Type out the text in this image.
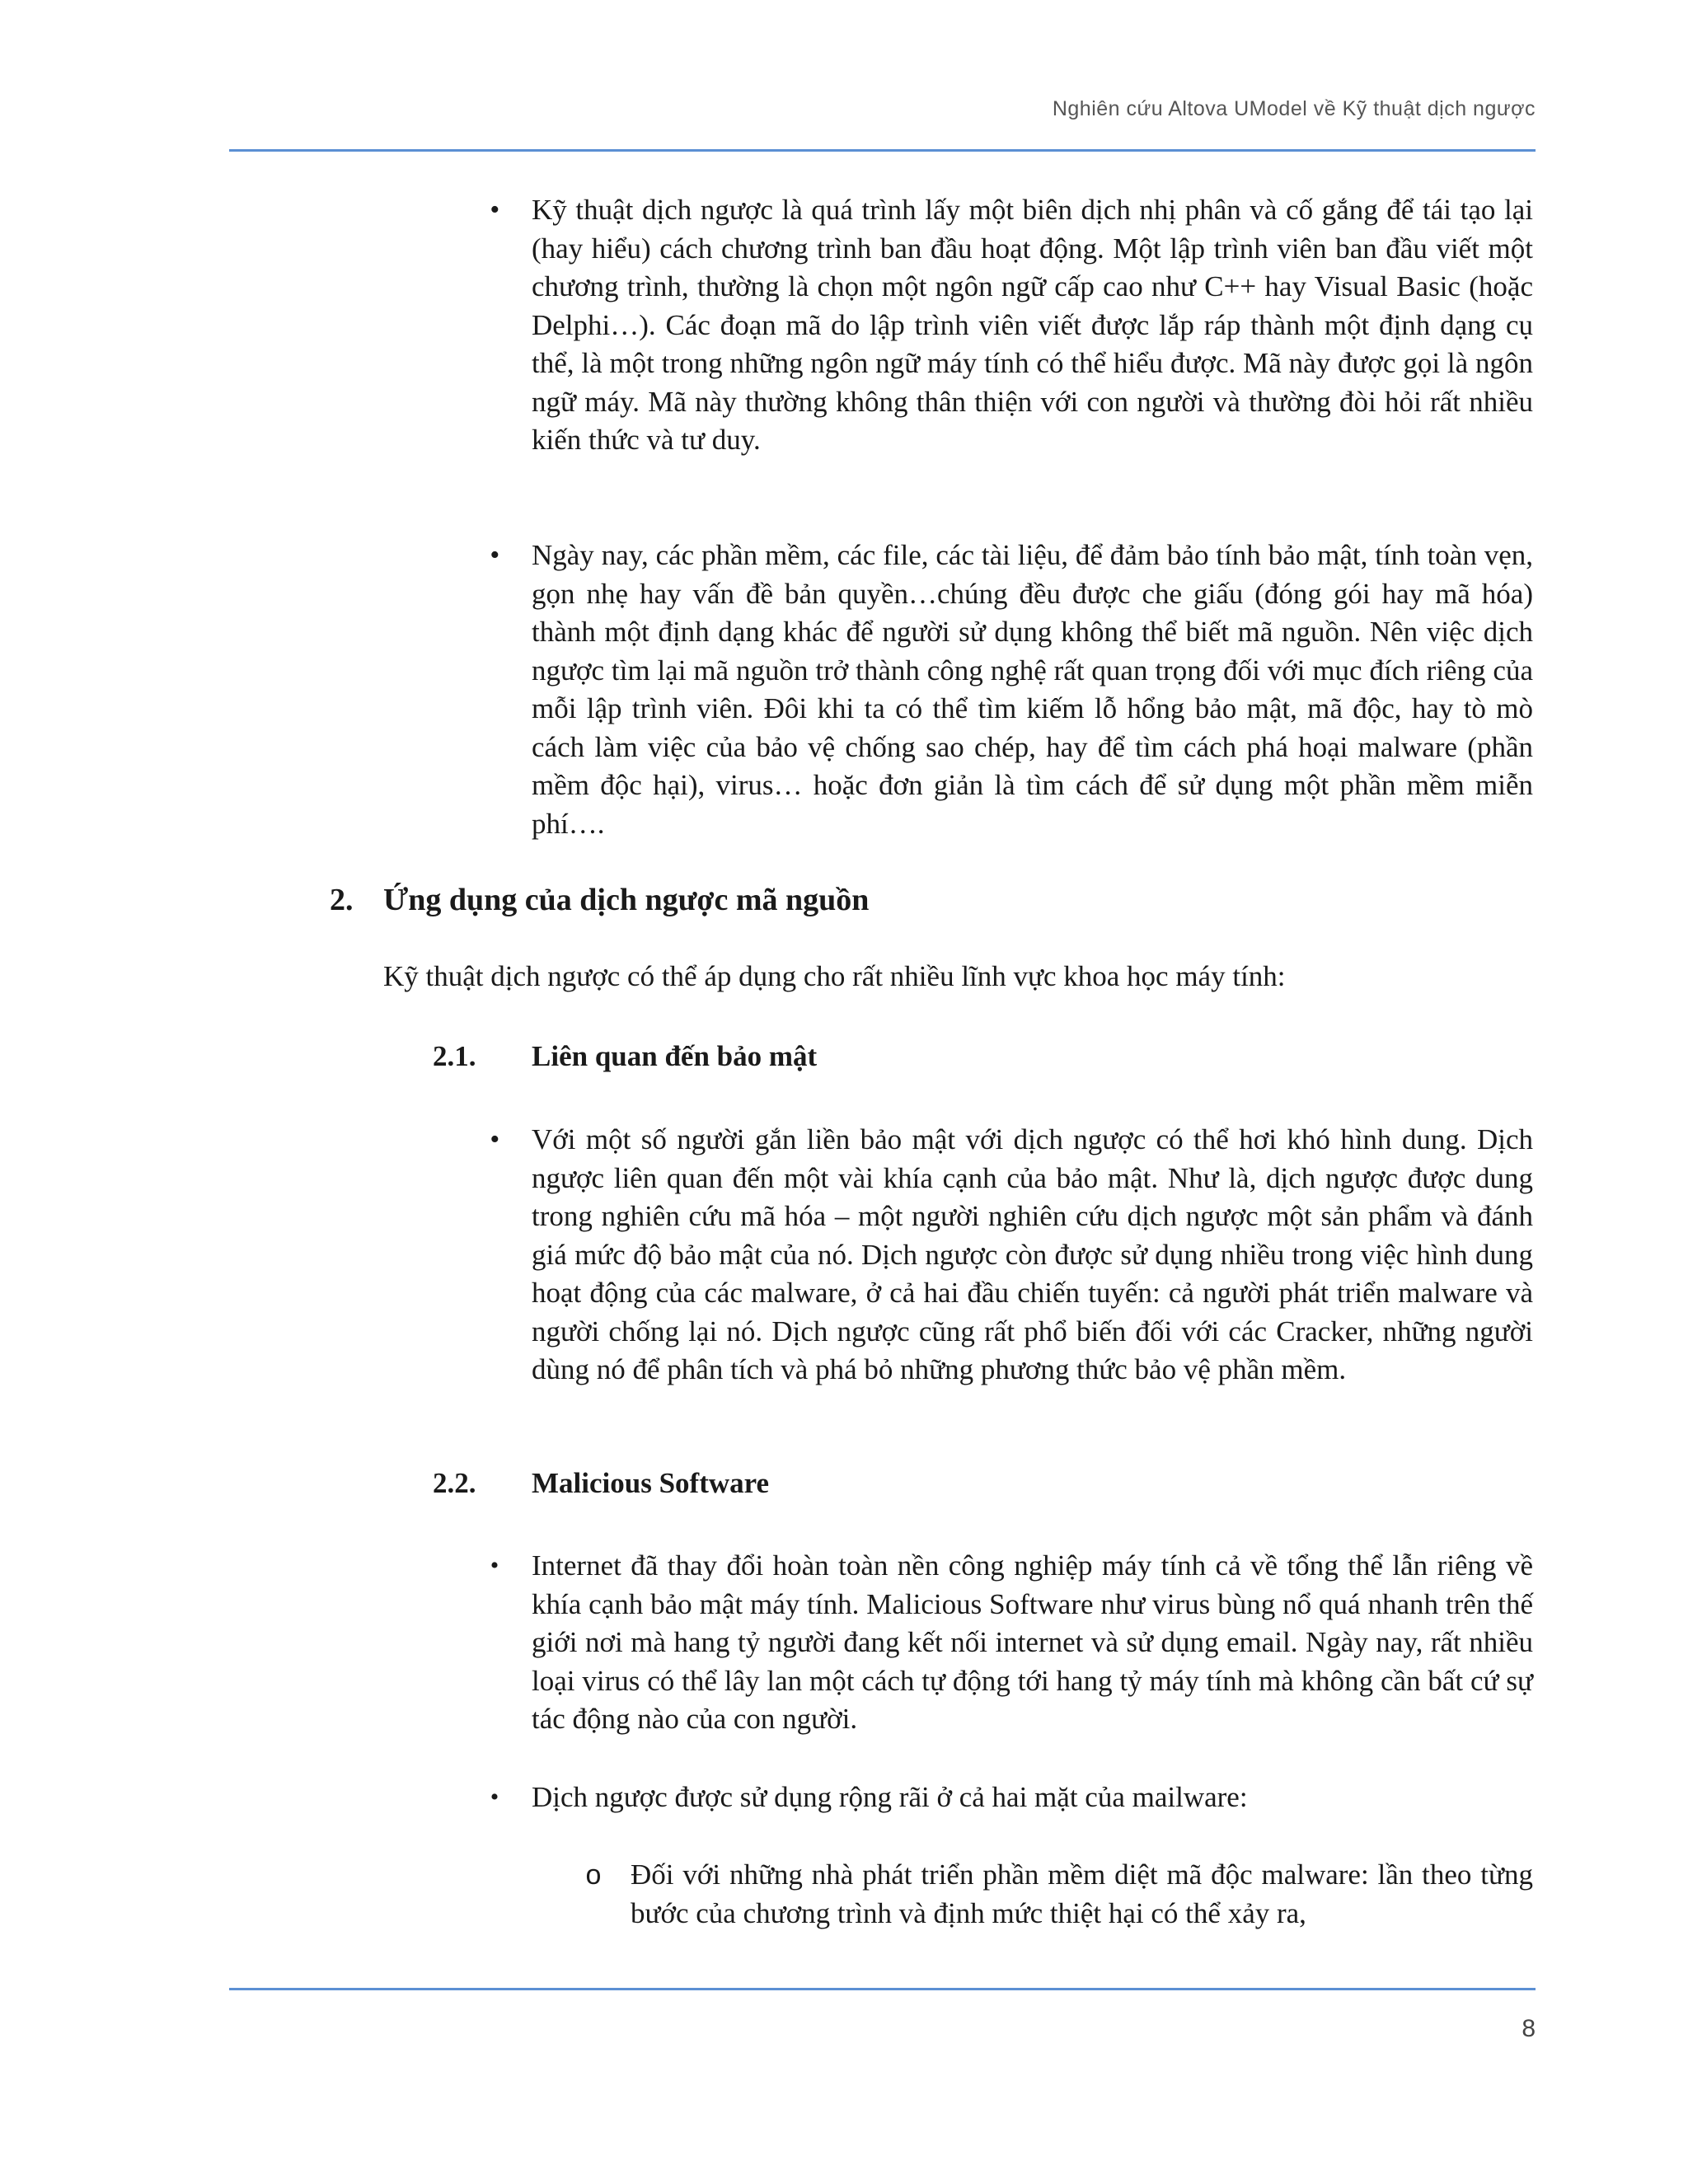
Nghiên cứu Altova UModel về Kỹ thuật dịch ngược
• Kỹ thuật dịch ngược là quá trình lấy một biên dịch nhị phân và cố gắng để tái tạo lại (hay hiểu) cách chương trình ban đầu hoạt động. Một lập trình viên ban đầu viết một chương trình, thường là chọn một ngôn ngữ cấp cao như C++ hay Visual Basic (hoặc Delphi…). Các đoạn mã do lập trình viên viết được lắp ráp thành một định dạng cụ thể, là một trong những ngôn ngữ máy tính có thể hiểu được. Mã này được gọi là ngôn ngữ máy. Mã này thường không thân thiện với con người và thường đòi hỏi rất nhiều kiến thức và tư duy.

• Ngày nay, các phần mềm, các file, các tài liệu, để đảm bảo tính bảo mật, tính toàn vẹn, gọn nhẹ hay vấn đề bản quyền…chúng đều được che giấu (đóng gói hay mã hóa) thành một định dạng khác để người sử dụng không thể biết mã nguồn. Nên việc dịch ngược tìm lại mã nguồn trở thành công nghệ rất quan trọng đối với mục đích riêng của mỗi lập trình viên. Đôi khi ta có thể tìm kiếm lỗ hổng bảo mật, mã độc, hay tò mò cách làm việc của bảo vệ chống sao chép, hay để tìm cách phá hoại malware (phần mềm độc hại), virus… hoặc đơn giản là tìm cách để sử dụng một phần mềm miễn phí….

2. Ứng dụng của dịch ngược mã nguồn
Kỹ thuật dịch ngược có thể áp dụng cho rất nhiều lĩnh vực khoa học máy tính:
2.1. Liên quan đến bảo mật
• Với một số người gắn liền bảo mật với dịch ngược có thể hơi khó hình dung. Dịch ngược liên quan đến một vài khía cạnh của bảo mật. Như là, dịch ngược được dung trong nghiên cứu mã hóa – một người nghiên cứu dịch ngược một sản phẩm và đánh giá mức độ bảo mật của nó. Dịch ngược còn được sử dụng nhiều trong việc hình dung hoạt động của các malware, ở cả hai đầu chiến tuyến: cả người phát triển malware và người chống lại nó. Dịch ngược cũng rất phổ biến đối với các Cracker, những người dùng nó để phân tích và phá bỏ những phương thức bảo vệ phần mềm.

2.2. Malicious Software
• Internet đã thay đổi hoàn toàn nền công nghiệp máy tính cả về tổng thể lẫn riêng về khía cạnh bảo mật máy tính. Malicious Software như virus bùng nổ quá nhanh trên thế giới nơi mà hang tỷ người đang kết nối internet và sử dụng email. Ngày nay, rất nhiều loại virus có thể lây lan một cách tự động tới hang tỷ máy tính mà không cần bất cứ sự tác động nào của con người.

• Dịch ngược được sử dụng rộng rãi ở cả hai mặt của mailware:

o Đối với những nhà phát triển phần mềm diệt mã độc malware: lần theo từng bước của chương trình và định mức thiệt hại có thể xảy ra,

8
